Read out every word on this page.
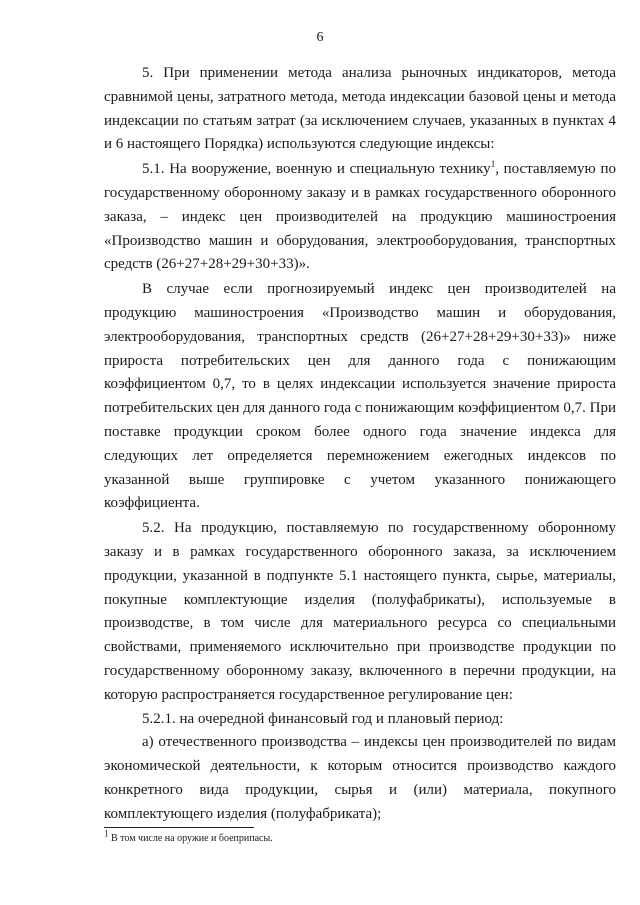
6

5. При применении метода анализа рыночных индикаторов, метода сравнимой цены, затратного метода, метода индексации базовой цены и метода индексации по статьям затрат (за исключением случаев, указанных в пунктах 4 и 6 настоящего Порядка) используются следующие индексы:

5.1. На вооружение, военную и специальную технику$^1$, поставляемую по государственному оборонному заказу и в рамках государственного оборонного заказа, – индекс цен производителей на продукцию машиностроения «Производство машин и оборудования, электрооборудования, транспортных средств (26+27+28+29+30+33)».

В случае если прогнозируемый индекс цен производителей на продукцию машиностроения «Производство машин и оборудования, электрооборудования, транспортных средств (26+27+28+29+30+33)» ниже прироста потребительских цен для данного года с понижающим коэффициентом 0,7, то в целях индексации используется значение прироста потребительских цен для данного года с понижающим коэффициентом 0,7. При поставке продукции сроком более одного года значение индекса для следующих лет определяется перемножением ежегодных индексов по указанной выше группировке с учетом указанного понижающего коэффициента.

5.2. На продукцию, поставляемую по государственному оборонному заказу и в рамках государственного оборонного заказа, за исключением продукции, указанной в подпункте 5.1 настоящего пункта, сырье, материалы, покупные комплектующие изделия (полуфабрикаты), используемые в производстве, в том числе для материального ресурса со специальными свойствами, применяемого исключительно при производстве продукции по государственному оборонному заказу, включенного в перечни продукции, на которую распространяется государственное регулирование цен:

5.2.1. на очередной финансовый год и плановый период:

а) отечественного производства – индексы цен производителей по видам экономической деятельности, к которым относится производство каждого конкретного вида продукции, сырья и (или) материала, покупного комплектующего изделия (полуфабриката);

$^1$ В том числе на оружие и боеприпасы.
